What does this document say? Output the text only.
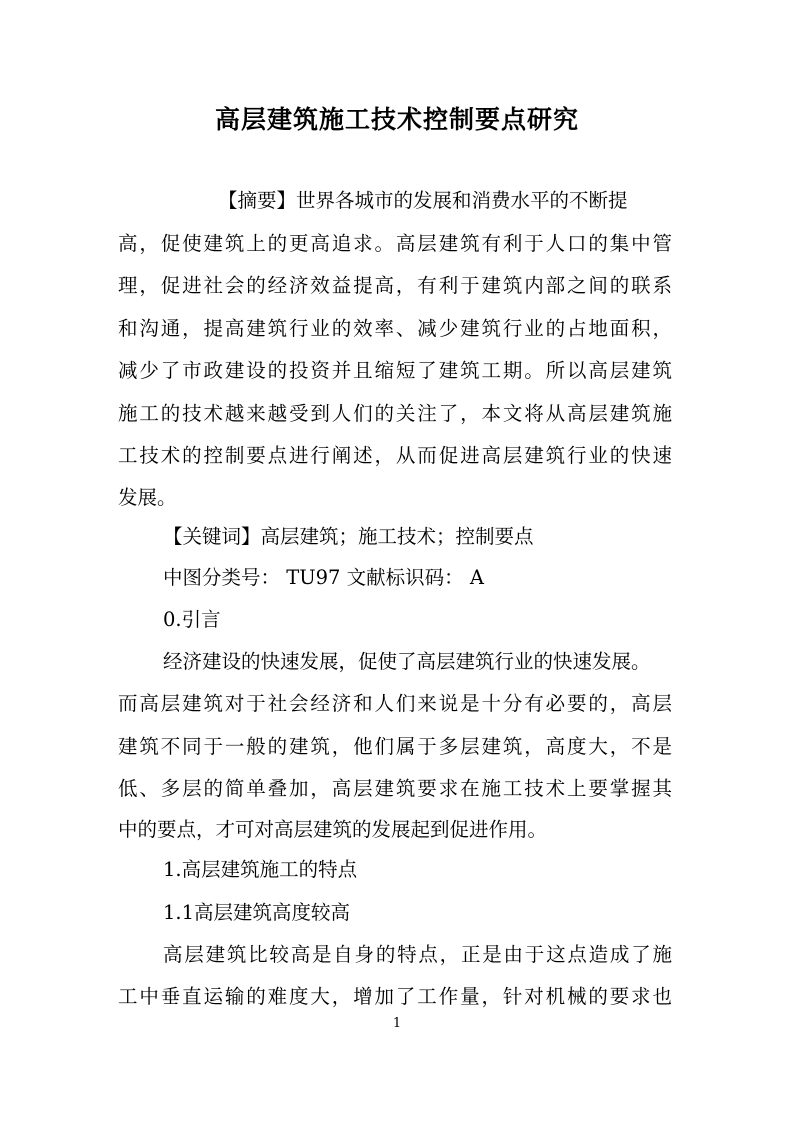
高层建筑施工技术控制要点研究
【摘要】世界各城市的发展和消费水平的不断提
高，促使建筑上的更高追求。高层建筑有利于人口的集中管
理，促进社会的经济效益提高，有利于建筑内部之间的联系
和沟通，提高建筑行业的效率、减少建筑行业的占地面积，
减少了市政建设的投资并且缩短了建筑工期。所以高层建筑
施工的技术越来越受到人们的关注了，本文将从高层建筑施
工技术的控制要点进行阐述，从而促进高层建筑行业的快速
发展。
【关键词】高层建筑；施工技术；控制要点
中图分类号： TU97 文献标识码： A
0.引言
经济建设的快速发展，促使了高层建筑行业的快速发展。
而高层建筑对于社会经济和人们来说是十分有必要的，高层
建筑不同于一般的建筑，他们属于多层建筑，高度大，不是
低、多层的简单叠加，高层建筑要求在施工技术上要掌握其
中的要点，才可对高层建筑的发展起到促进作用。
1.高层建筑施工的特点
1.1高层建筑高度较高
高层建筑比较高是自身的特点，正是由于这点造成了施
工中垂直运输的难度大，增加了工作量，针对机械的要求也
1
